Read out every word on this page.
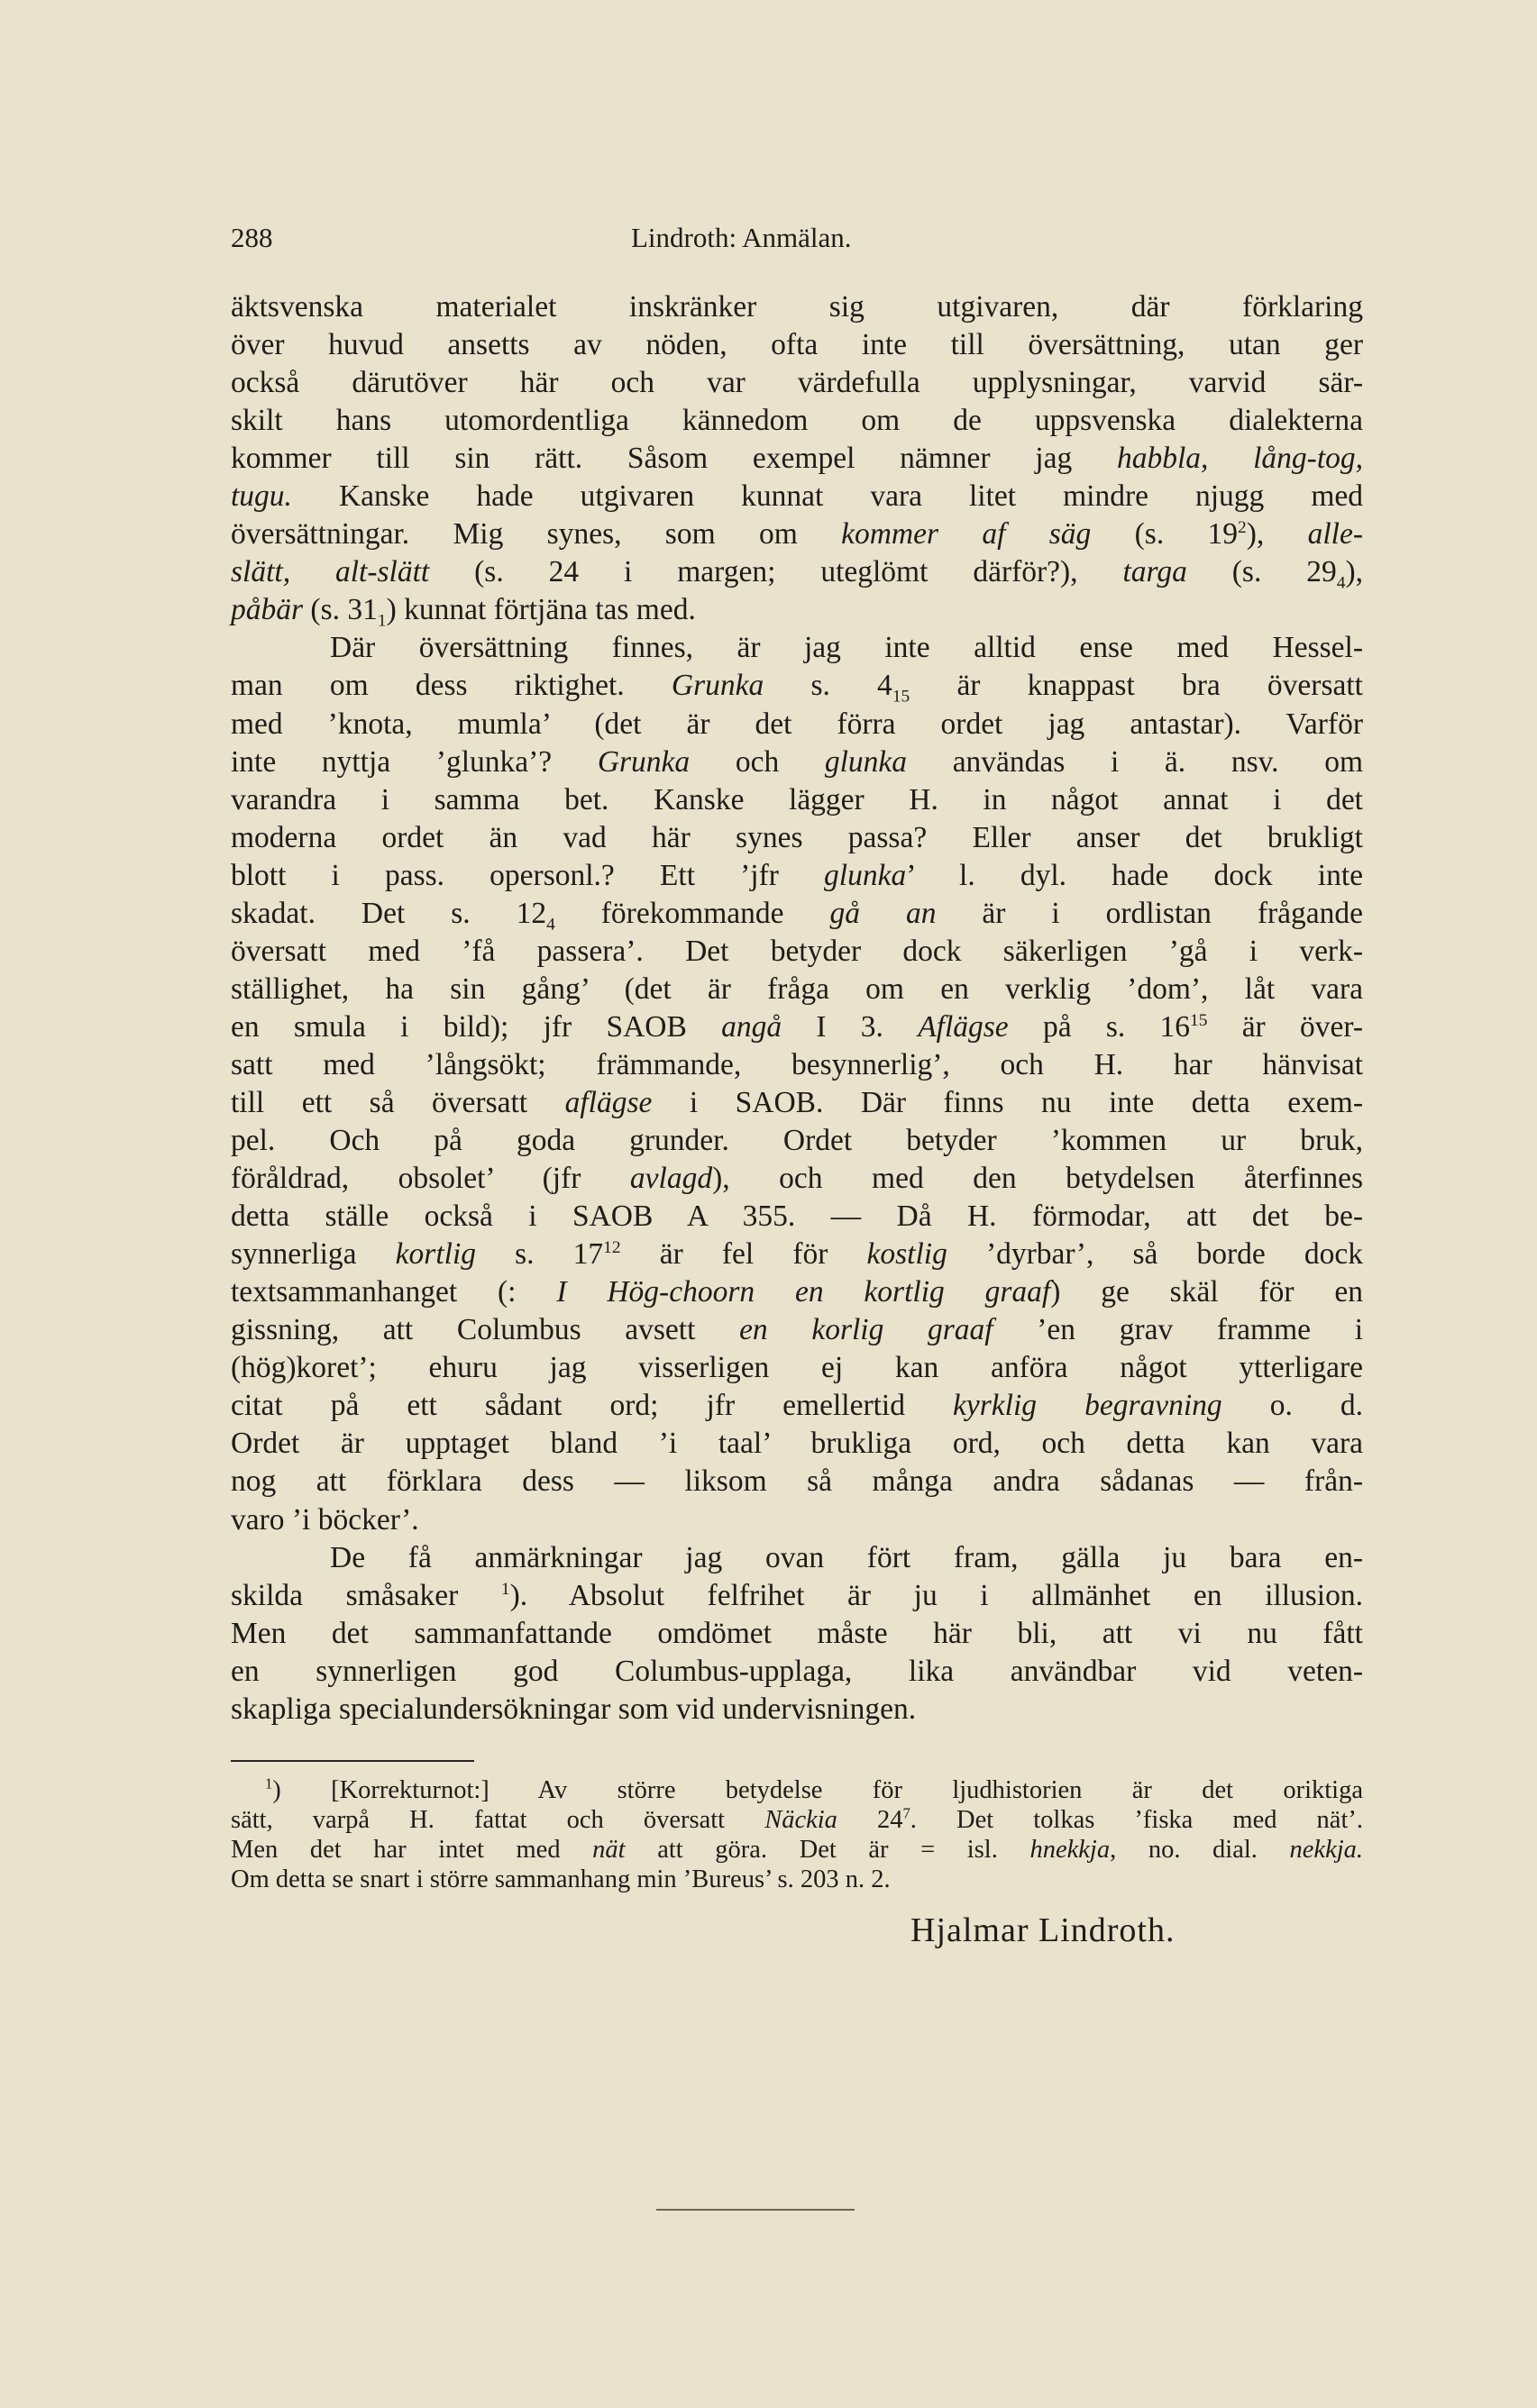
288	Lindroth: Anmälan.
äktsvenska materialet inskränker sig utgivaren, där förklaring
över huvud ansetts av nöden, ofta inte till översättning, utan ger
också därutöver här och var värdefulla upplysningar, varvid sär-
skilt hans utomordentliga kännedom om de uppsvenska dialekterna
kommer till sin rätt. Såsom exempel nämner jag habbla, lång-tog,
tugu. Kanske hade utgivaren kunnat vara litet mindre njugg med
översättningar. Mig synes, som om kommer af säg (s. $19^2$), alle-
slätt, alt-slätt (s. 24 i margen; uteglömt därför?), targa (s. $29_4$),
påbär (s. $31_1$) kunnat förtjäna tas med.
Där översättning finnes, är jag inte alltid ense med Hessel-
man om dess riktighet. Grunka s. $4_{15}$ är knappast bra översatt
med ’knota, mumla’ (det är det förra ordet jag antastar). Varför
inte nyttja ’glunka’? Grunka och glunka användas i ä. nsv. om
varandra i samma bet. Kanske lägger H. in något annat i det
moderna ordet än vad här synes passa? Eller anser det brukligt
blott i pass. opersonl.? Ett ’jfr glunka’ l. dyl. hade dock inte
skadat. Det s. $12_4$ förekommande gå an är i ordlistan frågande
översatt med ’få passera’. Det betyder dock säkerligen ’gå i verk-
ställighet, ha sin gång’ (det är fråga om en verklig ’dom’, låt vara
en smula i bild); jfr SAOB angå I 3. Aflägse på s. $16^{15}$ är över-
satt med ’långsökt; främmande, besynnerlig’, och H. har hänvisat
till ett så översatt aflägse i SAOB. Där finns nu inte detta exem-
pel. Och på goda grunder. Ordet betyder ’kommen ur bruk,
föråldrad, obsolet’ (jfr avlagd), och med den betydelsen återfinnes
detta ställe också i SAOB A 355. — Då H. förmodar, att det be-
synnerliga kortlig s. $17^{12}$ är fel för kostlig ’dyrbar’, så borde dock
textsammanhanget (: I Hög-choorn en kortlig graaf) ge skäl för en
gissning, att Columbus avsett en korlig graaf ’en grav framme i
(hög)koret’; ehuru jag visserligen ej kan anföra något ytterligare
citat på ett sådant ord; jfr emellertid kyrklig begravning o. d.
Ordet är upptaget bland ’i taal’ brukliga ord, och detta kan vara
nog att förklara dess — liksom så många andra sådanas — från-
varo ’i böcker’.
De få anmärkningar jag ovan fört fram, gälla ju bara en-
skilda småsaker $^1$). Absolut felfrihet är ju i allmänhet en illusion.
Men det sammanfattande omdömet måste här bli, att vi nu fått
en synnerligen god Columbus-upplaga, lika användbar vid veten-
skapliga specialundersökningar som vid undervisningen.
$^1$) [Korrekturnot:] Av större betydelse för ljudhistorien är det oriktiga
sätt, varpå H. fattat och översatt Näckia $24^7$. Det tolkas ’fiska med nät’.
Men det har intet med nät att göra. Det är = isl. hnekkja, no. dial. nekkja.
Om detta se snart i större sammanhang min ’Bureus’ s. 203 n. 2.
Hjalmar Lindroth.
